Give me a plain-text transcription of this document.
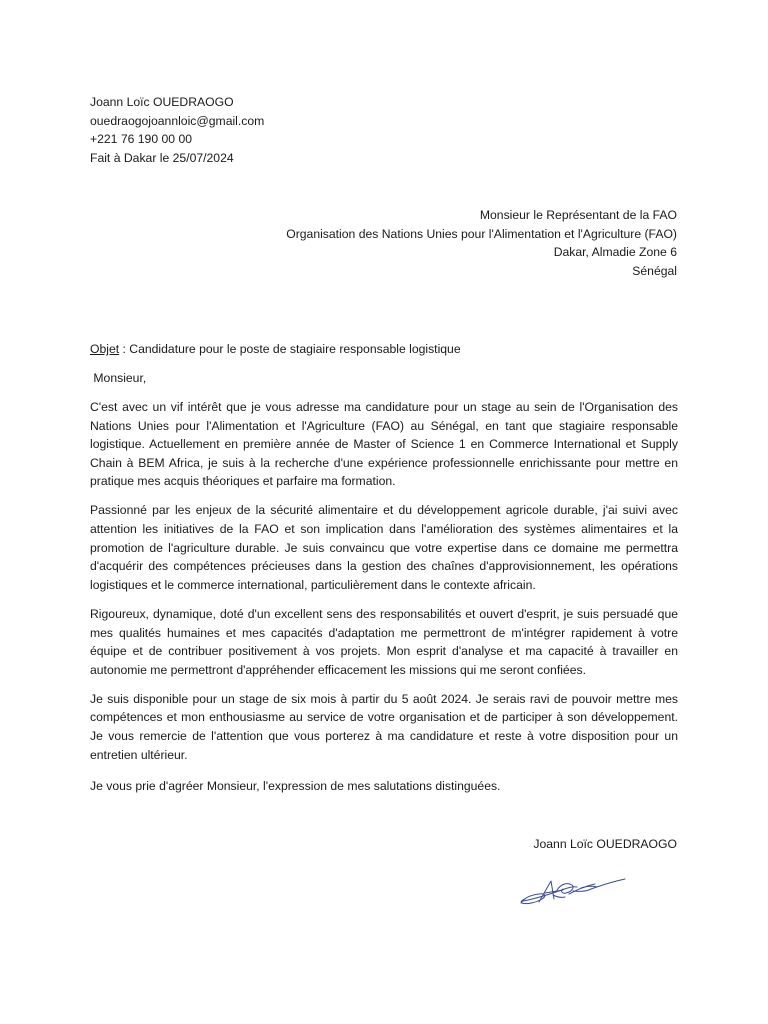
Joann Loïc OUEDRAOGO
ouedraogojoannloic@gmail.com
+221 76 190 00 00
Fait à Dakar le 25/07/2024
Monsieur le Représentant de la FAO
Organisation des Nations Unies pour l'Alimentation et l'Agriculture (FAO)
Dakar, Almadie Zone 6
Sénégal
Objet : Candidature pour le poste de stagiaire responsable logistique
Monsieur,

C'est avec un vif intérêt que je vous adresse ma candidature pour un stage au sein de l'Organisation des Nations Unies pour l'Alimentation et l'Agriculture (FAO) au Sénégal, en tant que stagiaire responsable logistique. Actuellement en première année de Master of Science 1 en Commerce International et Supply Chain à BEM Africa, je suis à la recherche d'une expérience professionnelle enrichissante pour mettre en pratique mes acquis théoriques et parfaire ma formation.

Passionné par les enjeux de la sécurité alimentaire et du développement agricole durable, j'ai suivi avec attention les initiatives de la FAO et son implication dans l'amélioration des systèmes alimentaires et la promotion de l'agriculture durable. Je suis convaincu que votre expertise dans ce domaine me permettra d'acquérir des compétences précieuses dans la gestion des chaînes d'approvisionnement, les opérations logistiques et le commerce international, particulièrement dans le contexte africain.

Rigoureux, dynamique, doté d'un excellent sens des responsabilités et ouvert d'esprit, je suis persuadé que mes qualités humaines et mes capacités d'adaptation me permettront de m'intégrer rapidement à votre équipe et de contribuer positivement à vos projets. Mon esprit d'analyse et ma capacité à travailler en autonomie me permettront d'appréhender efficacement les missions qui me seront confiées.

Je suis disponible pour un stage de six mois à partir du 5 août 2024. Je serais ravi de pouvoir mettre mes compétences et mon enthousiasme au service de votre organisation et de participer à son développement. Je vous remercie de l'attention que vous porterez à ma candidature et reste à votre disposition pour un entretien ultérieur.

Je vous prie d'agréer Monsieur, l'expression de mes salutations distinguées.
Joann Loïc OUEDRAOGO
